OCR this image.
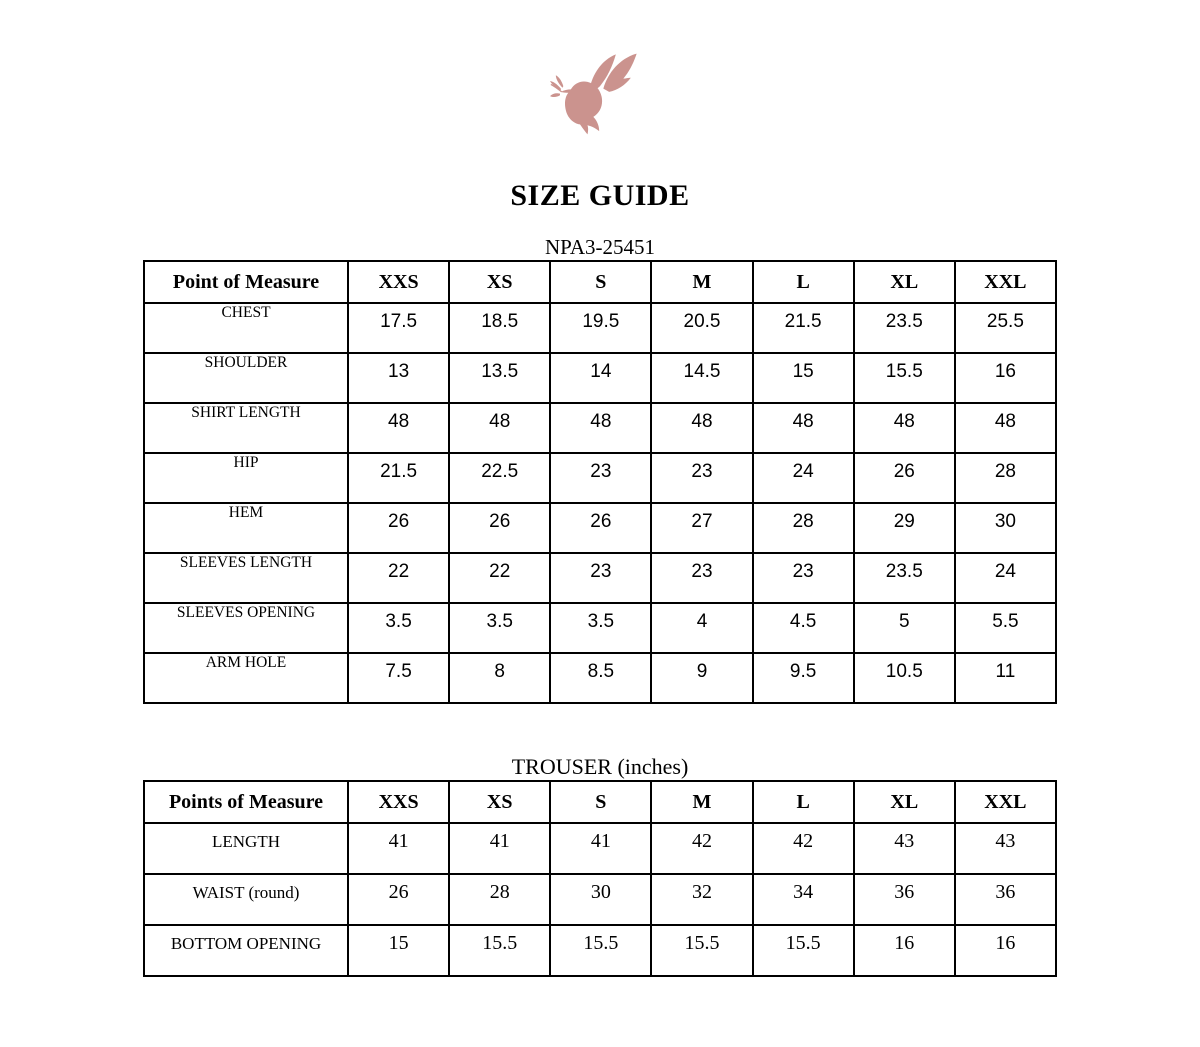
SIZE GUIDE
NPA3-25451
Point of Measure	XXS	XS	S	M	L	XL	XXL
CHEST	17.5	18.5	19.5	20.5	21.5	23.5	25.5
SHOULDER	13	13.5	14	14.5	15	15.5	16
SHIRT LENGTH	48	48	48	48	48	48	48
HIP	21.5	22.5	23	23	24	26	28
HEM	26	26	26	27	28	29	30
SLEEVES LENGTH	22	22	23	23	23	23.5	24
SLEEVES OPENING	3.5	3.5	3.5	4	4.5	5	5.5
ARM HOLE	7.5	8	8.5	9	9.5	10.5	11
TROUSER (inches)
Points of Measure	XXS	XS	S	M	L	XL	XXL
LENGTH	41	41	41	42	42	43	43
WAIST (round)	26	28	30	32	34	36	36
BOTTOM OPENING	15	15.5	15.5	15.5	15.5	16	16
